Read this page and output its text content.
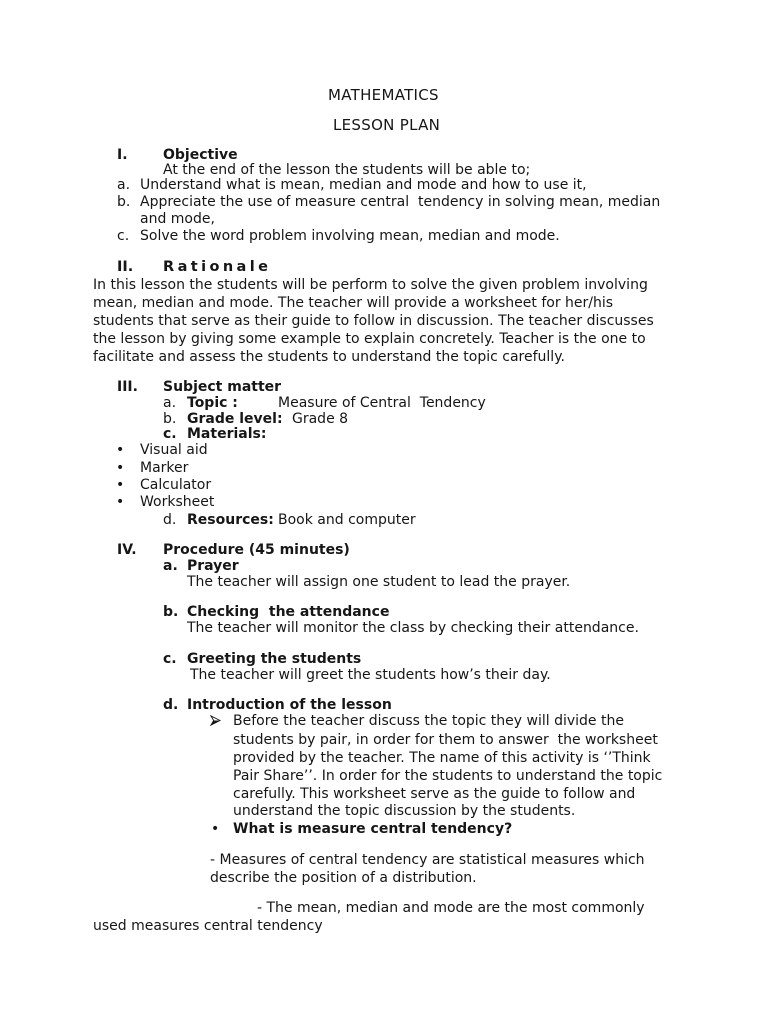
MATHEMATICS
LESSON PLAN
I.	Objective
At the end of the lesson the students will be able to;
a. Understand what is mean, median and mode and how to use it,
b. Appreciate the use of measure central  tendency in solving mean, median
and mode,
c. Solve the word problem involving mean, median and mode.
II. Rationale
In this lesson the students will be perform to solve the given problem involving
mean, median and mode. The teacher will provide a worksheet for her/his
students that serve as their guide to follow in discussion. The teacher discusses
the lesson by giving some example to explain concretely. Teacher is the one to
facilitate and assess the students to understand the topic carefully.
III. Subject matter
a. Topic :	Measure of Central  Tendency
b. Grade level: Grade 8
c. Materials:
• Visual aid
• Marker
• Calculator
• Worksheet
d. Resources: Book and computer
IV. Procedure (45 minutes)
a. Prayer
The teacher will assign one student to lead the prayer.
b. Checking  the attendance
The teacher will monitor the class by checking their attendance.
c. Greeting the students
The teacher will greet the students how’s their day.
d. Introduction of the lesson
Before the teacher discuss the topic they will divide the
students by pair, in order for them to answer  the worksheet
provided by the teacher. The name of this activity is ‘’Think
Pair Share’’. In order for the students to understand the topic
carefully. This worksheet serve as the guide to follow and
understand the topic discussion by the students.
• What is measure central tendency?
- Measures of central tendency are statistical measures which
describe the position of a distribution.
- The mean, median and mode are the most commonly
used measures central tendency
